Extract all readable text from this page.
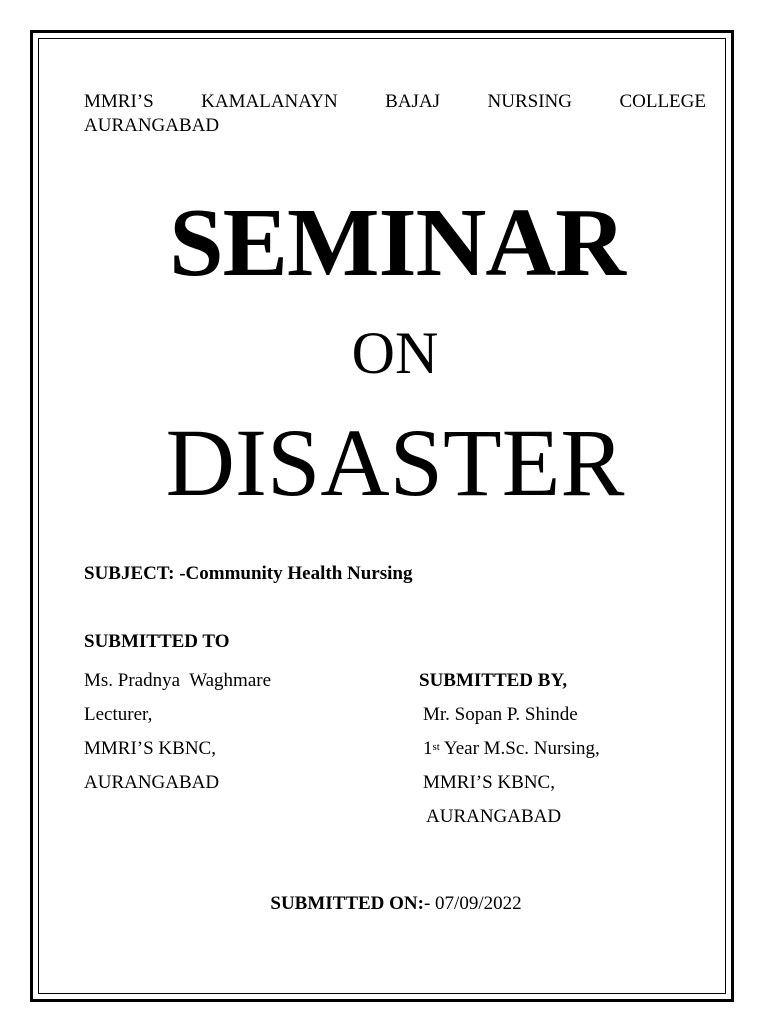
MMRI’S KAMALANAYN BAJAJ NURSING COLLEGE
AURANGABAD
SEMINAR
ON
DISASTER
SUBJECT: -Community Health Nursing
SUBMITTED TO
Ms. Pradnya  Waghmare
Lecturer,
MMRI’S KBNC,
AURANGABAD
SUBMITTED BY,
Mr. Sopan P. Shinde
1st Year M.Sc. Nursing,
MMRI’S KBNC,
AURANGABAD
SUBMITTED ON:- 07/09/2022
